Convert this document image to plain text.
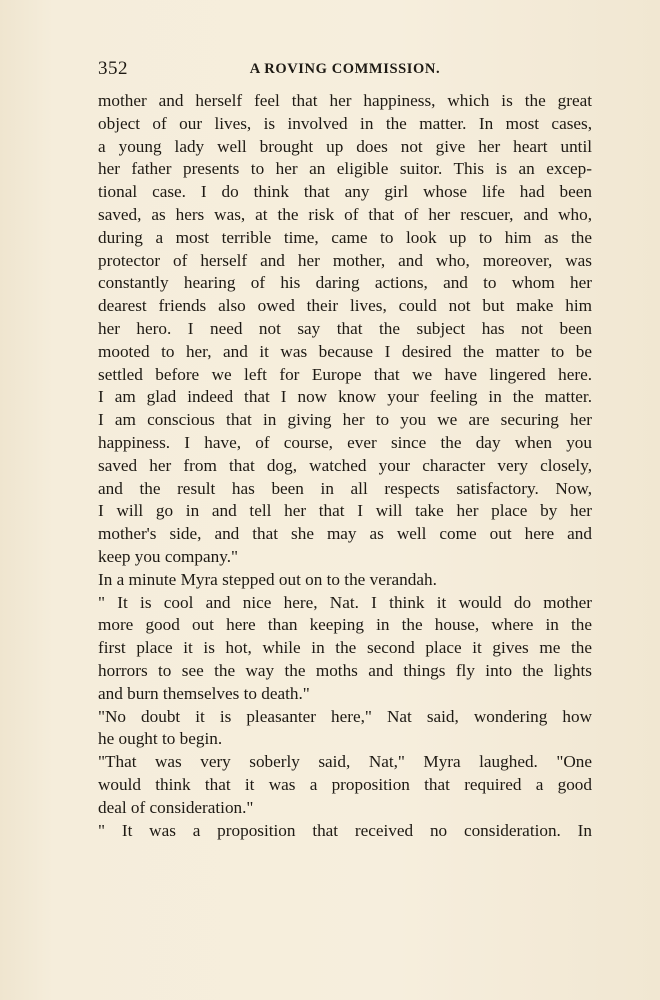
352	A ROVING COMMISSION.
mother and herself feel that her happiness, which is the great
object of our lives, is involved in the matter. In most cases,
a young lady well brought up does not give her heart until
her father presents to her an eligible suitor. This is an excep-
tional case. I do think that any girl whose life had been
saved, as hers was, at the risk of that of her rescuer, and who,
during a most terrible time, came to look up to him as the
protector of herself and her mother, and who, moreover, was
constantly hearing of his daring actions, and to whom her
dearest friends also owed their lives, could not but make him
her hero. I need not say that the subject has not been
mooted to her, and it was because I desired the matter to be
settled before we left for Europe that we have lingered here.
I am glad indeed that I now know your feeling in the matter.
I am conscious that in giving her to you we are securing her
happiness. I have, of course, ever since the day when you
saved her from that dog, watched your character very closely,
and the result has been in all respects satisfactory. Now,
I will go in and tell her that I will take her place by her
mother's side, and that she may as well come out here and
keep you company."
In a minute Myra stepped out on to the verandah.
" It is cool and nice here, Nat. I think it would do mother
more good out here than keeping in the house, where in the
first place it is hot, while in the second place it gives me the
horrors to see the way the moths and things fly into the lights
and burn themselves to death."
"No doubt it is pleasanter here," Nat said, wondering how
he ought to begin.
"That was very soberly said, Nat," Myra laughed. "One
would think that it was a proposition that required a good
deal of consideration."
" It was a proposition that received no consideration. In
